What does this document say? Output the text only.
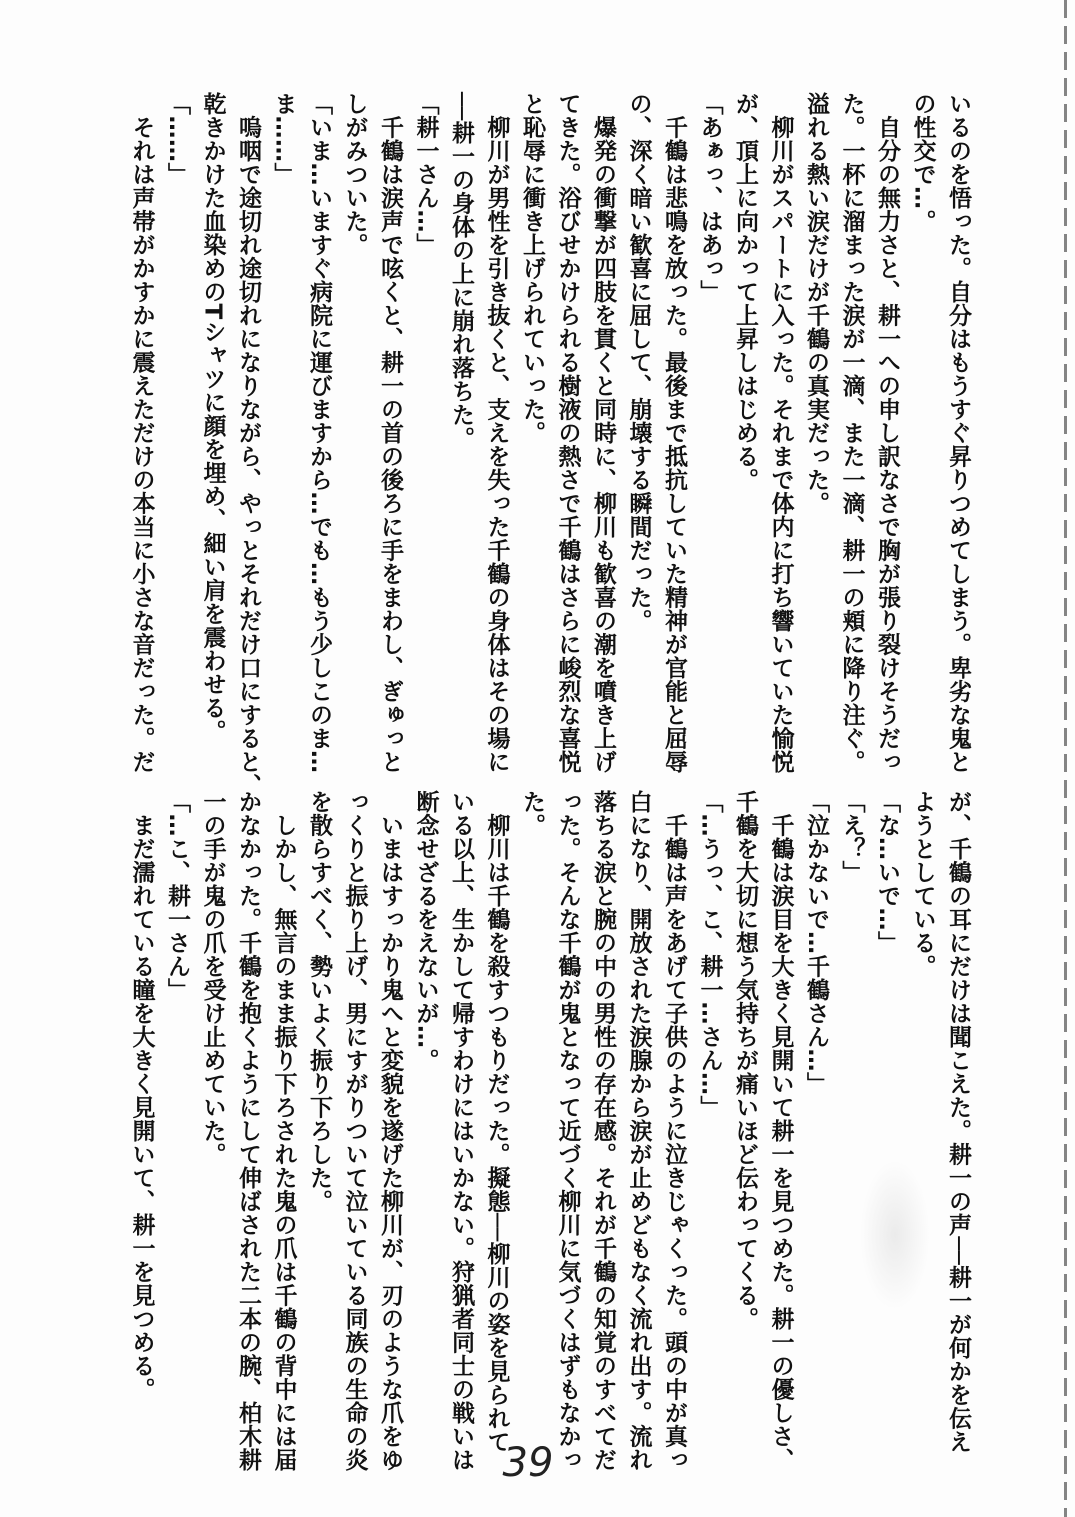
いるのを悟った。自分はもうすぐ昇りつめてしまう。卑劣な鬼と
の性交で…。
　自分の無力さと、耕一への申し訳なさで胸が張り裂けそうだっ
た。一杯に溜まった涙が一滴、また一滴、耕一の頬に降り注ぐ。
溢れる熱い涙だけが千鶴の真実だった。
　柳川がスパートに入った。それまで体内に打ち響いていた愉悦
が、頂上に向かって上昇しはじめる。
「あぁっ、はあっ」
　千鶴は悲鳴を放った。最後まで抵抗していた精神が官能と屈辱
の、深く暗い歓喜に屈して、崩壊する瞬間だった。
　爆発の衝撃が四肢を貫くと同時に、柳川も歓喜の潮を噴き上げ
てきた。浴びせかけられる樹液の熱さで千鶴はさらに峻烈な喜悦
と恥辱に衝き上げられていった。
　柳川が男性を引き抜くと、支えを失った千鶴の身体はその場に
──耕一の身体の上に崩れ落ちた。
「耕一さん…」
　千鶴は涙声で呟くと、耕一の首の後ろに手をまわし、ぎゅっと
しがみついた。
「いま…いますぐ病院に運びますから…でも…もう少しこのま…
ま……」
　嗚咽で途切れ途切れになりながら、やっとそれだけ口にすると、
乾きかけた血染めのTシャツに顔を埋め、細い肩を震わせる。
「……」
　それは声帯がかすかに震えただけの本当に小さな音だった。だ
が、千鶴の耳にだけは聞こえた。耕一の声──耕一が何かを伝え
ようとしている。
「な…いで…」
「え？」
「泣かないで…千鶴さん…」
　千鶴は涙目を大きく見開いて耕一を見つめた。耕一の優しさ、
千鶴を大切に想う気持ちが痛いほど伝わってくる。
「…うっ、こ、耕一…さん…」
　千鶴は声をあげて子供のように泣きじゃくった。頭の中が真っ
白になり、開放された涙腺から涙が止めどもなく流れ出す。流れ
落ちる涙と腕の中の男性の存在感。それが千鶴の知覚のすべてだ
った。そんな千鶴が鬼となって近づく柳川に気づくはずもなかっ
た。
　柳川は千鶴を殺すつもりだった。擬態──柳川の姿を見られて
いる以上、生かして帰すわけにはいかない。狩猟者同士の戦いは
断念せざるをえないが…。
　いまはすっかり鬼へと変貌を遂げた柳川が、刃のような爪をゆ
っくりと振り上げ、男にすがりついて泣いている同族の生命の炎
を散らすべく、勢いよく振り下ろした。
　しかし、無言のまま振り下ろされた鬼の爪は千鶴の背中には届
かなかった。千鶴を抱くようにして伸ばされた二本の腕、柏木耕
一の手が鬼の爪を受け止めていた。
「…こ、耕一さん」
　まだ濡れている瞳を大きく見開いて、耕一を見つめる。
39
